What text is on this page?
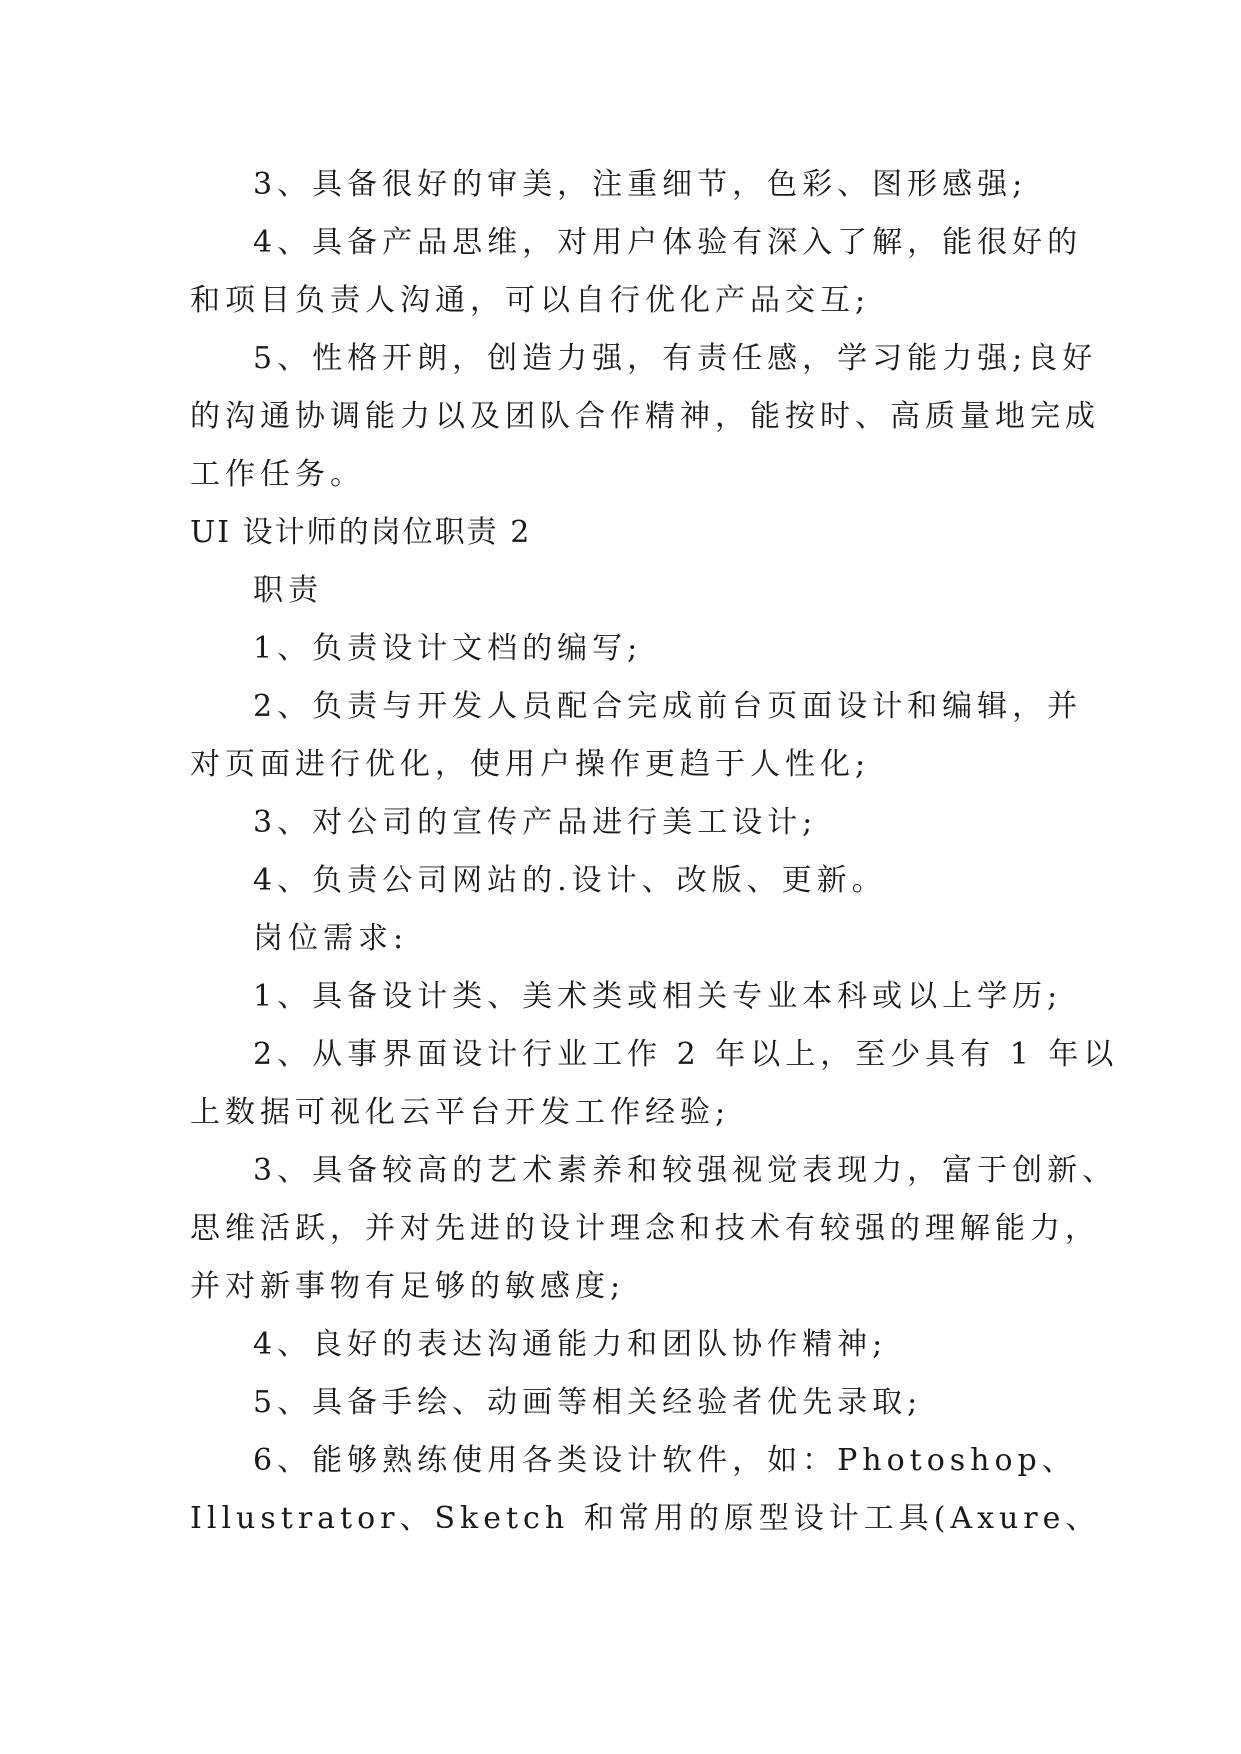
3、具备很好的审美，注重细节，色彩、图形感强;
4、具备产品思维，对用户体验有深入了解，能很好的
和项目负责人沟通，可以自行优化产品交互;
5、性格开朗，创造力强，有责任感，学习能力强;良好
的沟通协调能力以及团队合作精神，能按时、高质量地完成
工作任务。
UI 设计师的岗位职责 2
职责
1、负责设计文档的编写;
2、负责与开发人员配合完成前台页面设计和编辑，并
对页面进行优化，使用户操作更趋于人性化;
3、对公司的宣传产品进行美工设计;
4、负责公司网站的.设计、改版、更新。
岗位需求:
1、具备设计类、美术类或相关专业本科或以上学历;
2、从事界面设计行业工作 2 年以上，至少具有 1 年以
上数据可视化云平台开发工作经验;
3、具备较高的艺术素养和较强视觉表现力，富于创新、
思维活跃，并对先进的设计理念和技术有较强的理解能力，
并对新事物有足够的敏感度;
4、良好的表达沟通能力和团队协作精神;
5、具备手绘、动画等相关经验者优先录取;
6、能够熟练使用各类设计软件，如：Photoshop、
Illustrator、Sketch 和常用的原型设计工具(Axure、
